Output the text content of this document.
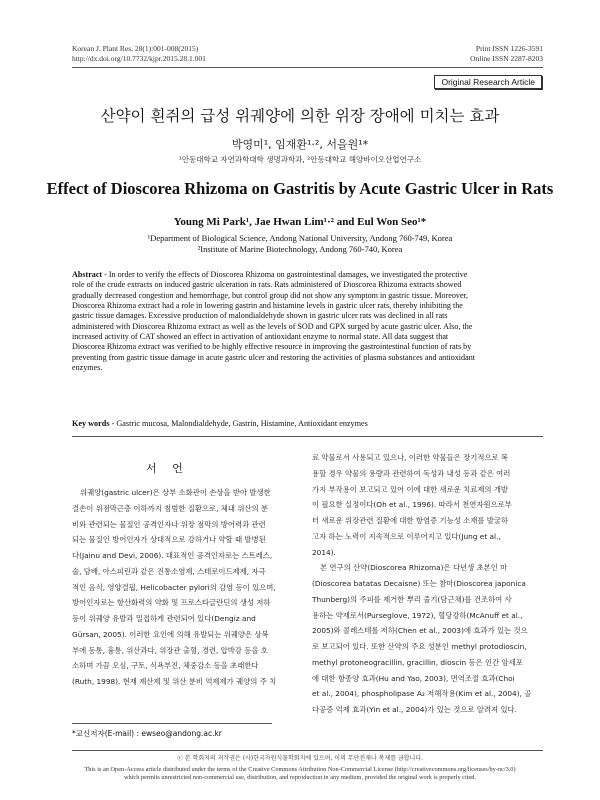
Korean J. Plant Res. 28(1):001-008(2015)
http://dx.doi.org/10.7732/kjpr.2015.28.1.001
Print ISSN 1226-3591
Online ISSN 2287-8203
Original Research Article
산약이 흰쥐의 급성 위궤양에 의한 위장 장애에 미치는 효과
박영미¹, 임재환¹·², 서을원¹*
¹안동대학교 자연과학대학 생명과학과, ²안동대학교 해양바이오산업연구소
Effect of Dioscorea Rhizoma on Gastritis by Acute Gastric Ulcer in Rats
Young Mi Park¹, Jae Hwan Lim¹·² and Eul Won Seo¹*
¹Department of Biological Science, Andong National University, Andong 760-749, Korea
²Institute of Marine Biotechnology, Andong 760-740, Korea
Abstract - In order to verify the effects of Dioscorea Rhizoma on gastrointestinal damages, we investigated the protective
role of the crude extracts on induced gastric ulceration in rats. Rats administered of Dioscorea Rhizoma extracts showed
gradually decreased congestion and hemorrhage, but control group did not show any symptom in gastric tissue. Moreover,
Dioscorea Rhizoma extract had a role in lowering gastrin and histamine levels in gastric ulcer rats, thereby inhibiting the
gastric tissue damages. Excessive production of malondialdehyde shown in gastric ulcer rats was declined in all rats
administered with Dioscorea Rhizoma extract as well as the levels of SOD and GPX surged by acute gastric ulcer. Also, the
increased activity of CAT showed an effect in activation of antioxidant enzyme to normal state. All data suggest that
Dioscorea Rhizoma extract was verified to be highly effective resource in improving the gastrointestinal function of rats by
preventing from gastric tissue damage in acute gastric ulcer and restoring the activities of plasma substances and antioxidant
enzymes.
Key words - Gastric mucosa, Malondialdehyde, Gastrin, Histamine, Antioxidant enzymes
서 언
위궤양(gastric ulcer)은 상부 소화관이 손상을 받아 발생한
결손이 위점막근층 이하까지 침범한 질환으로, 체내 위산의 분
비와 관련되는 물질인 공격인자나 위장 점막의 방어력과 관련
되는 물질인 방어인자가 상대적으로 강하거나 약할 때 발병된
다(Jainu and Devi, 2006). 대표적인 공격인자로는 스트레스,
술, 담배, 아스피린과 같은 진통소염제, 스테로이드제제, 자극
적인 음식, 영양결핍, Helicobacter pylori의 감염 등이 있으며,
방어인자로는 항산화력의 약화 및 프로스타글란딘의 생성 저하
등이 위궤양 유발과 밀접하게 관련되어 있다(Dengiz and
Gürsan, 2005). 이러한 요인에 의해 유발되는 위궤양은 상복
부에 동통, 흉통, 위산과다, 위장관 출혈, 경련, 압박감 등을 호
소하며 가끔 오심, 구토, 식욕부진, 체중감소 등을 초래한다
(Ruth, 1998). 현재 제산제 및 위산 분비 억제제가 궤양의 주 치
료 약물로서 사용되고 있으나, 이러한 약물들은 장기적으로 복
용할 경우 약물의 용량과 관련하여 독성과 내성 등과 같은 여러
가지 부작용이 보고되고 있어 이에 대한 새로운 치료제의 개발
이 필요한 실정이다(Oh et al., 1996). 따라서 천연자원으로부
터 새로운 위장관련 질환에 대한 항염증 기능성 소재를 발굴하
고자 하는 노력이 지속적으로 이루어지고 있다(Jung et al.,
2014).
본 연구의 산약(Dioscorea Rhizoma)은 다년생 초본인 마
(Dioscorea batatas Decaisne) 또는 참마(Dioscorea japonica
Thunberg)의 주피를 제거한 뿌리 줄기(담근채)를 건조하여 사
용하는 약재로서(Purseglove, 1972), 혈당강하(McAnuff et al.,
2005)와 콜레스테롤 저하(Chen et al., 2003)에 효과가 있는 것으
로 보고되어 있다. 또한 산약의 주요 성분인 methyl protodioscin,
methyl protoneogracillin, gracillin, dioscin 등은 인간 암세포
에 대한 항종양 효과(Hu and Yao, 2003), 면역조절 효과(Choi
et al., 2004), phospholipase A₂ 저해작용(Kim et al., 2004), 골
다공증 억제 효과(Yin et al., 2004)가 있는 것으로 알려져 있다.
*교신저자(E-mail) : ewseo@andong.ac.kr
ⓒ 본 학회지의 저작권은 (사)한국자원식물학회지에 있으며, 이의 무단전재나 복제를 금합니다.
This is an Open-Access article distributed under the terms of the Creative Commons Attribution Non-Commercial License (http://creativecommons.org/licenses/by-nc/3.0)
which permits unrestricted non-commercial use, distribution, and reproduction in any medium, provided the original work is properly cited.
